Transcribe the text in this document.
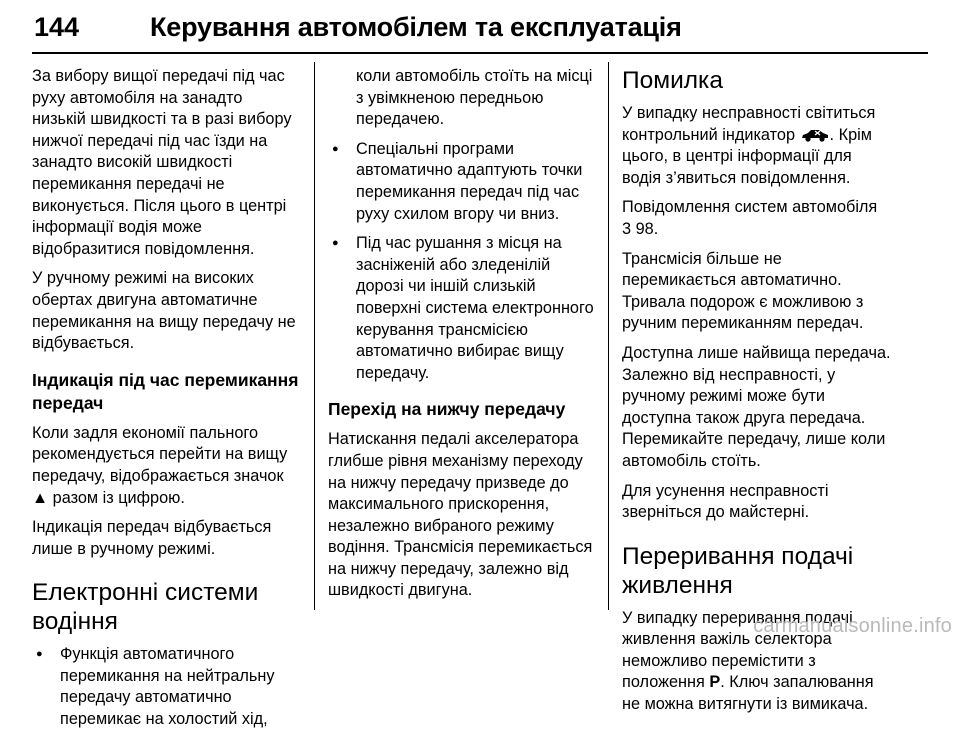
144	Керування автомобілем та експлуатація

За вибору вищої передачі під час руху автомобіля на занадто низькій швидкості та в разі вибору нижчої передачі під час їзди на занадто високій швидкості перемикання передачі не виконується. Після цього в центрі інформації водія може відобразитися повідомлення.

У ручному режимі на високих обертах двигуна автоматичне перемикання на вищу передачу не відбувається.

Індикація під час перемикання передач

Коли задля економії пального рекомендується перейти на вищу передачу, відображається значок
▲ разом із цифрою.

Індикація передач відбувається лише в ручному режимі.

Електронні системи водіння
● Функція автоматичного перемикання на нейтральну передачу автоматично перемикає на холостий хід,

коли автомобіль стоїть на місці з увімкненою передньою передачею.

● Спеціальні програми автоматично адаптують точки перемикання передач під час руху схилом вгору чи вниз.
● Під час рушання з місця на засніженій або зледенілій дорозі чи іншій слизькій поверхні система електронного керування трансмісією автоматично вибирає вищу передачу.
Перехід на нижчу передачу

Натискання педалі акселератора глибше рівня механізму переходу на нижчу передачу призведе до максимального прискорення, незалежно вибраного режиму водіння. Трансмісія перемикається на нижчу передачу, залежно від швидкості двигуна.

Помилка

У випадку несправності світиться контрольний індикатор . Крім цього, в центрі інформації для водія з’явиться повідомлення.

Повідомлення систем автомобіля
3 98.

Трансмісія більше не перемикається автоматично. Тривала подорож є можливою з ручним перемиканням передач.

Доступна лише найвища передача. Залежно від несправності, у ручному режимі може бути доступна також друга передача. Перемикайте передачу, лише коли автомобіль стоїть.

Для усунення несправності зверніться до майстерні.

Переривання подачі живлення

У випадку переривання подачі живлення важіль селектора неможливо перемістити з положення P. Ключ запалювання не можна витягнути із вимикача.

carmanualsonline.info
